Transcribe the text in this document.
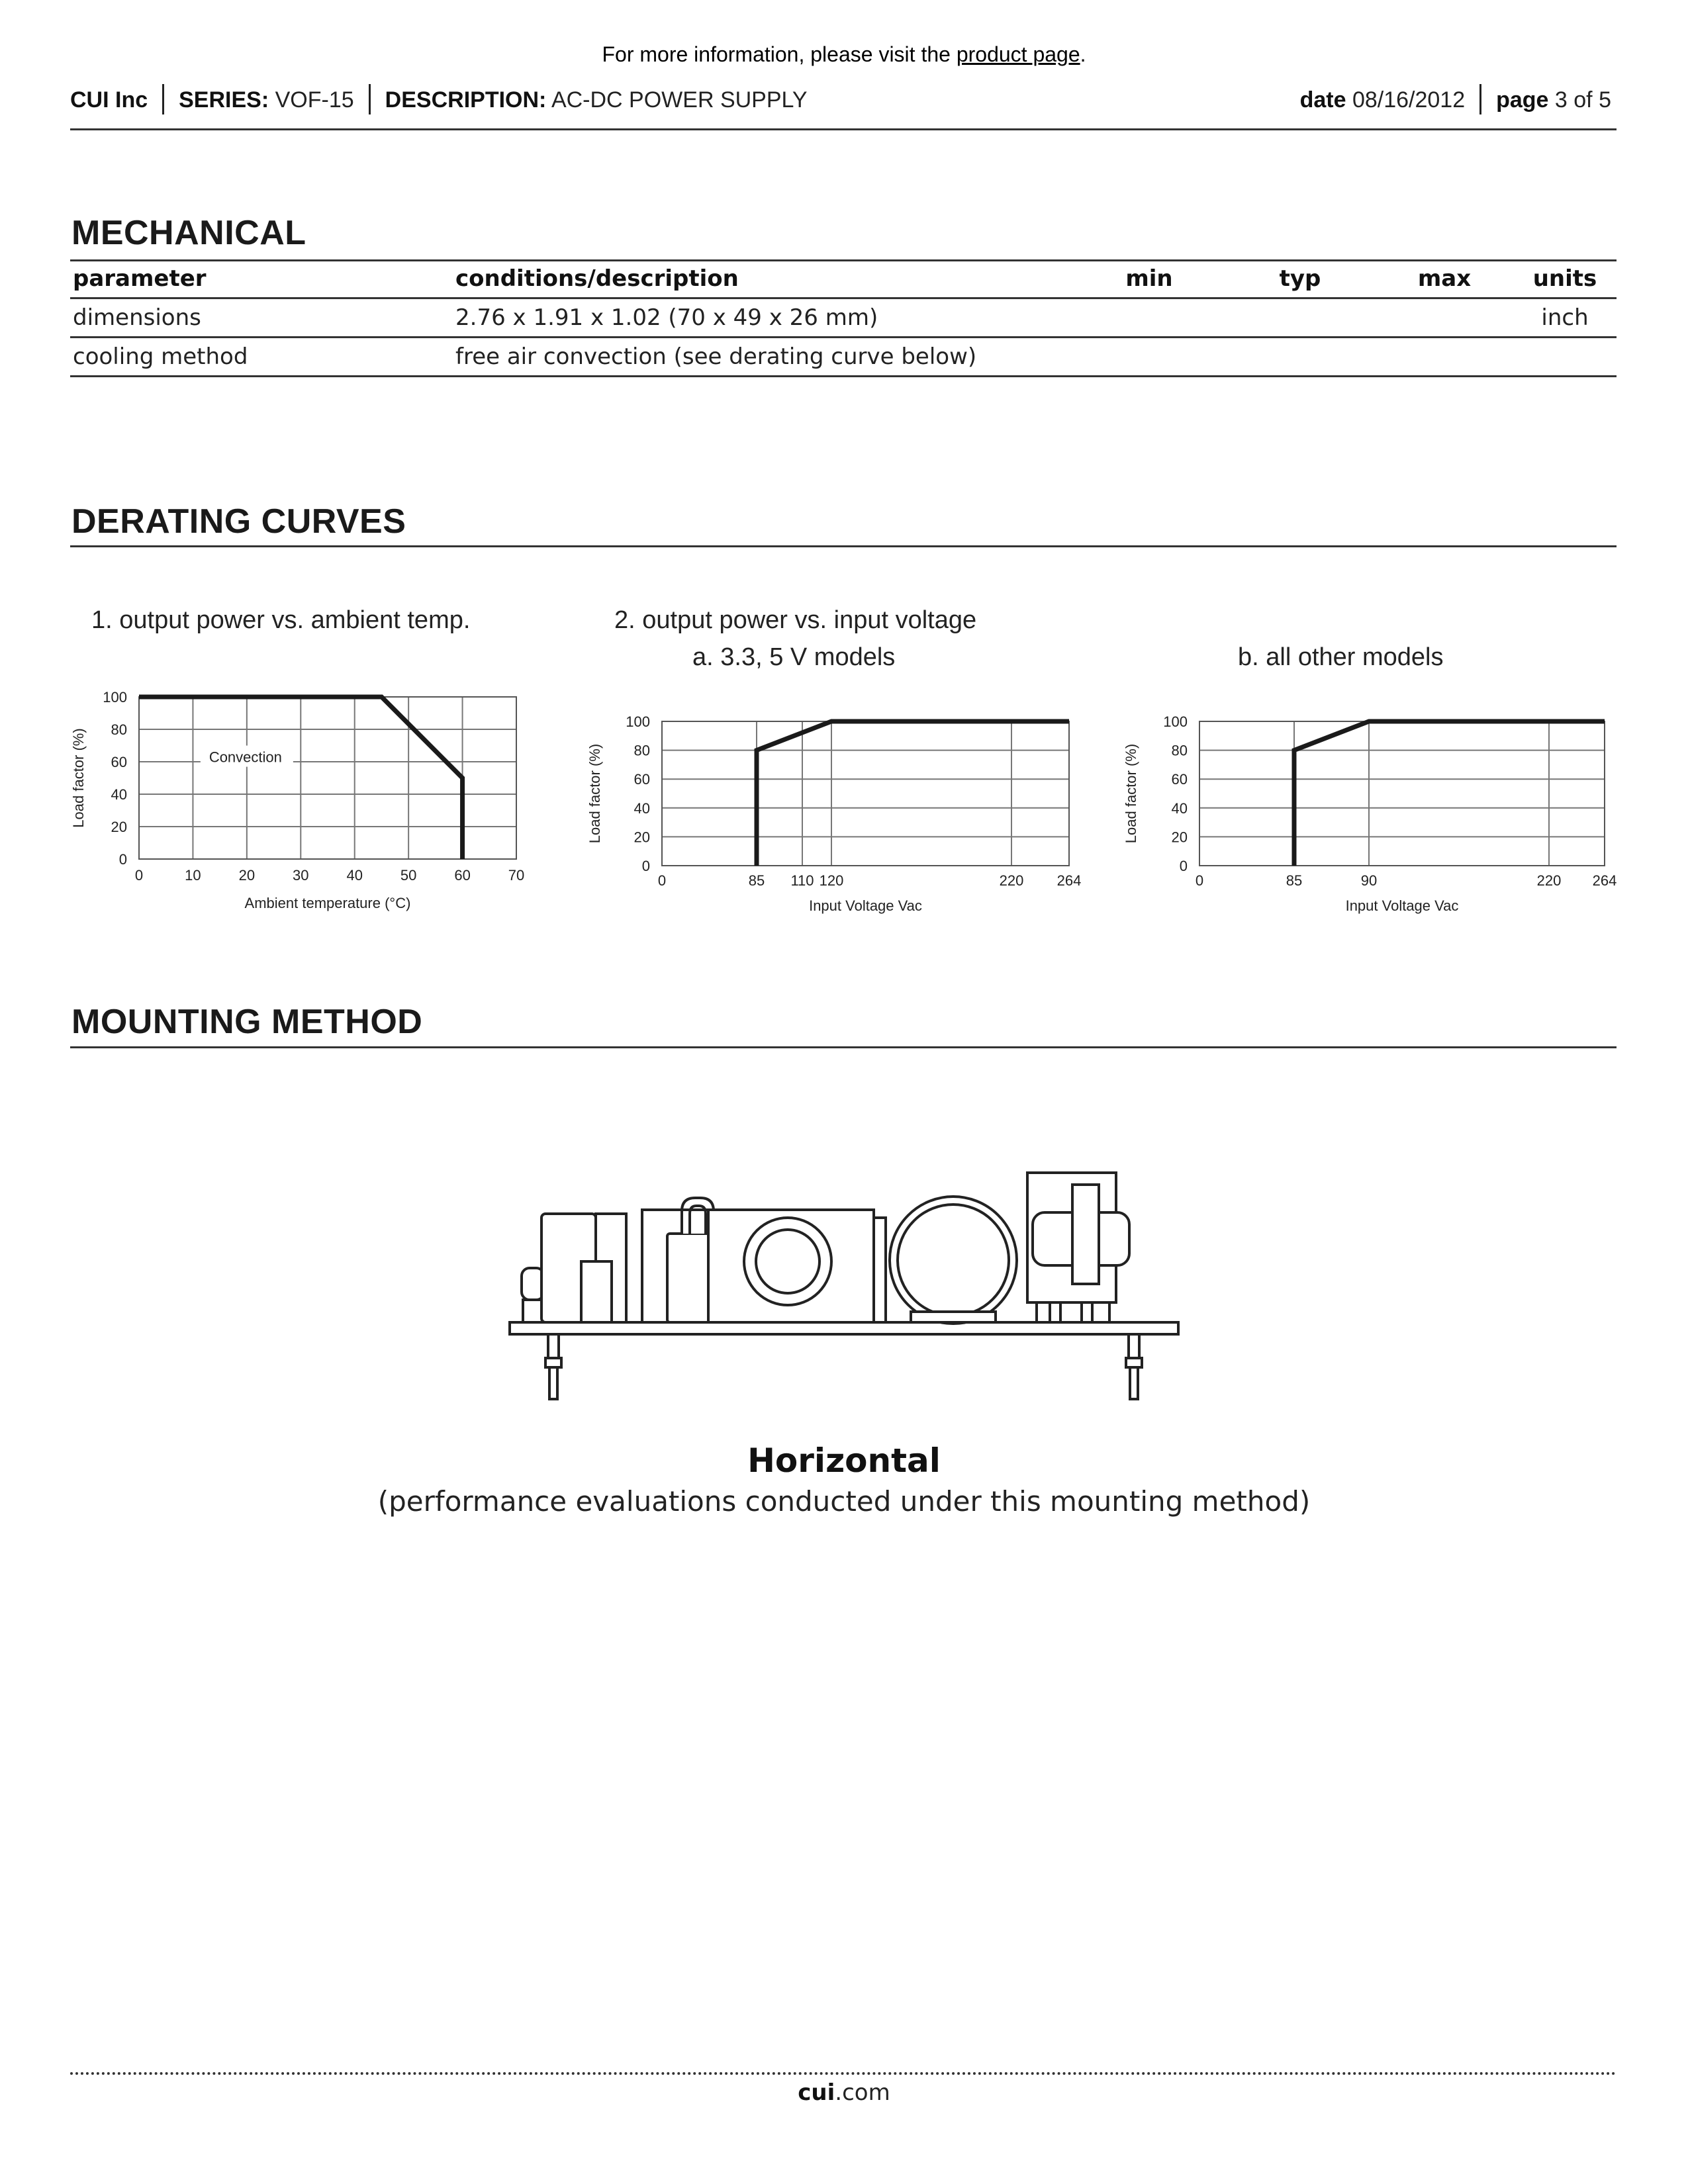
For more information, please visit the product page.
CUI Inc SERIES: VOF-15 DESCRIPTION: AC-DC POWER SUPPLY	date 08/16/2012 page 3 of 5
MECHANICAL
parameter	conditions/description	min	typ	max	units
dimensions	2.76 x 1.91 x 1.02 (70 x 49 x 26 mm)				inch
cooling method	free air convection (see derating curve below)				
DERATING CURVES
1. output power vs. ambient temp.	2. output power vs. input voltage
a. 3.3, 5 V models	b. all other models
0
20
40
60
80
100
0	10	20	30	40	50	60	70
Ambient temperature (°C)
Load factor (%)	Convection
0
20
40
60
80
100
0	85 110 120	220 264
Input Voltage Vac
Load factor (%)
0
20
40
60
80
100
0	85	90	220 264
Input Voltage Vac
Load factor (%)
MOUNTING METHOD
Horizontal
(performance evaluations conducted under this mounting method)
cui.com
